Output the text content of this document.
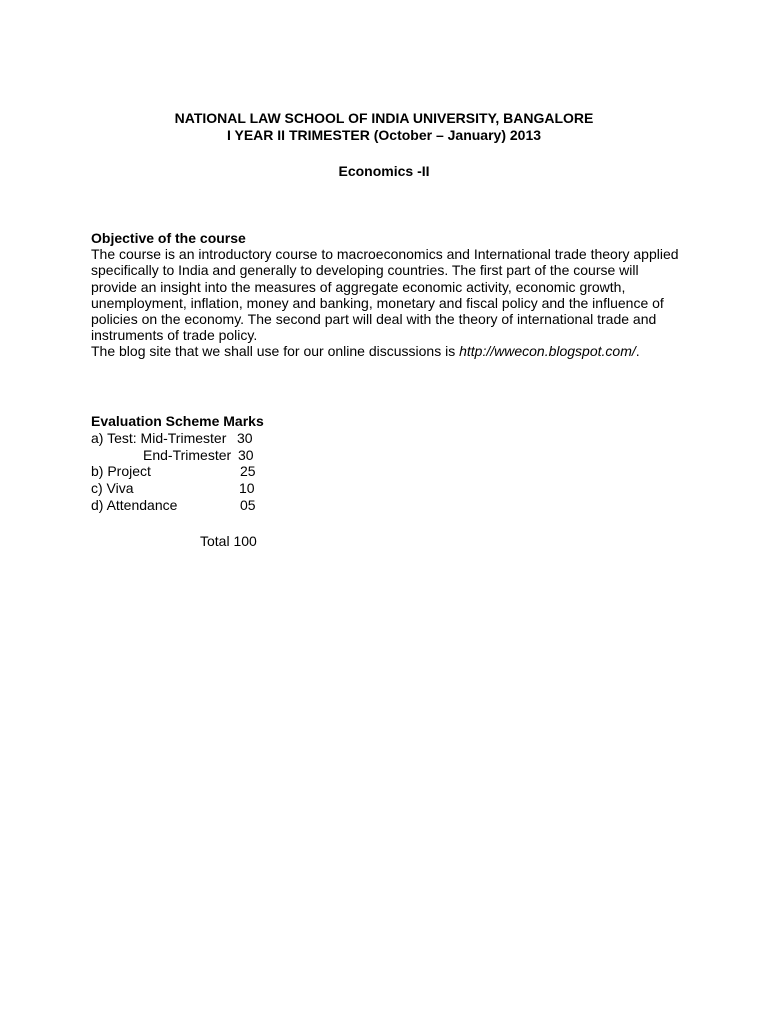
NATIONAL LAW SCHOOL OF INDIA UNIVERSITY, BANGALORE
I YEAR II TRIMESTER (October – January) 2013
Economics -II
Objective of the course
The course is an introductory course to macroeconomics and International trade theory applied
specifically to India and generally to developing countries. The first part of the course will
provide an insight into the measures of aggregate economic activity, economic growth,
unemployment, inflation, money and banking, monetary and fiscal policy and the influence of
policies on the economy. The second part will deal with the theory of international trade and
instruments of trade policy.
The blog site that we shall use for our online discussions is http://wwecon.blogspot.com/.
Evaluation Scheme Marks
a) Test: Mid-Trimester 30
End-Trimester 30
b) Project	25
c) Viva	10
d) Attendance	05
Total 100
